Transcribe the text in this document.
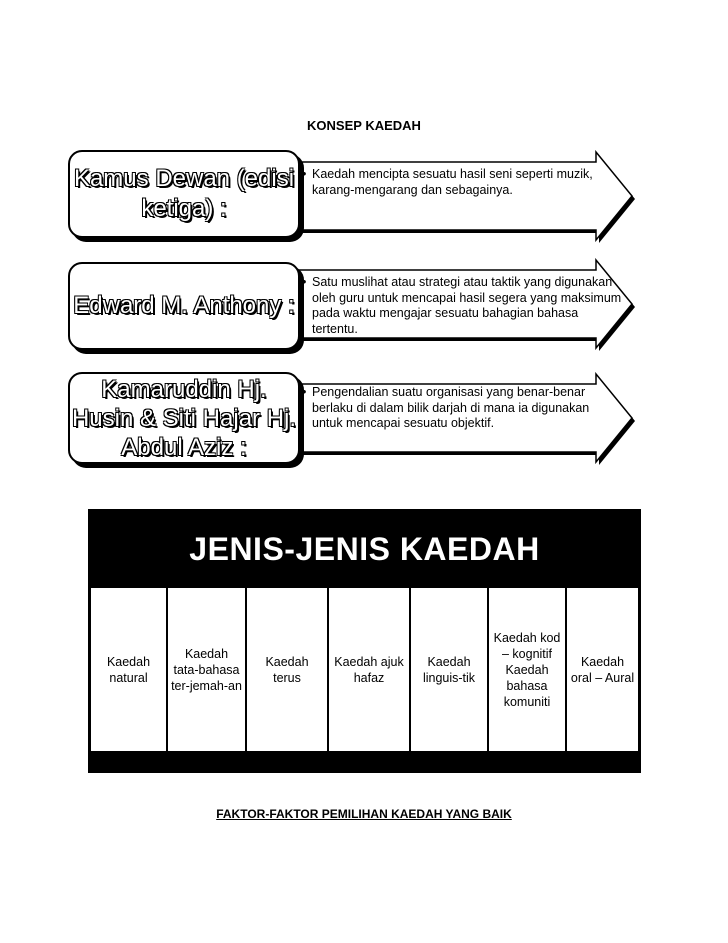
KONSEP KAEDAH
Kamus Dewan (edisi ketiga) :
• Kaedah mencipta sesuatu hasil seni seperti muzik, karang-mengarang dan sebagainya.
Edward M. Anthony :
• Satu muslihat atau strategi atau taktik yang digunakan oleh guru untuk mencapai hasil segera yang maksimum pada waktu mengajar sesuatu bahagian bahasa tertentu.
Kamaruddin Hj. Husin & Siti Hajar Hj. Abdul Aziz :
• Pengendalian suatu organisasi yang benar-benar berlaku di dalam bilik darjah di mana ia digunakan untuk mencapai sesuatu objektif.
JENIS-JENIS KAEDAH
Kaedah natural
Kaedah tata-bahasa ter-jemah-an
Kaedah terus
Kaedah ajuk hafaz
Kaedah linguis-tik
Kaedah kod – kognitif Kaedah bahasa komuniti
Kaedah oral – Aural
FAKTOR-FAKTOR PEMILIHAN KAEDAH YANG BAIK
